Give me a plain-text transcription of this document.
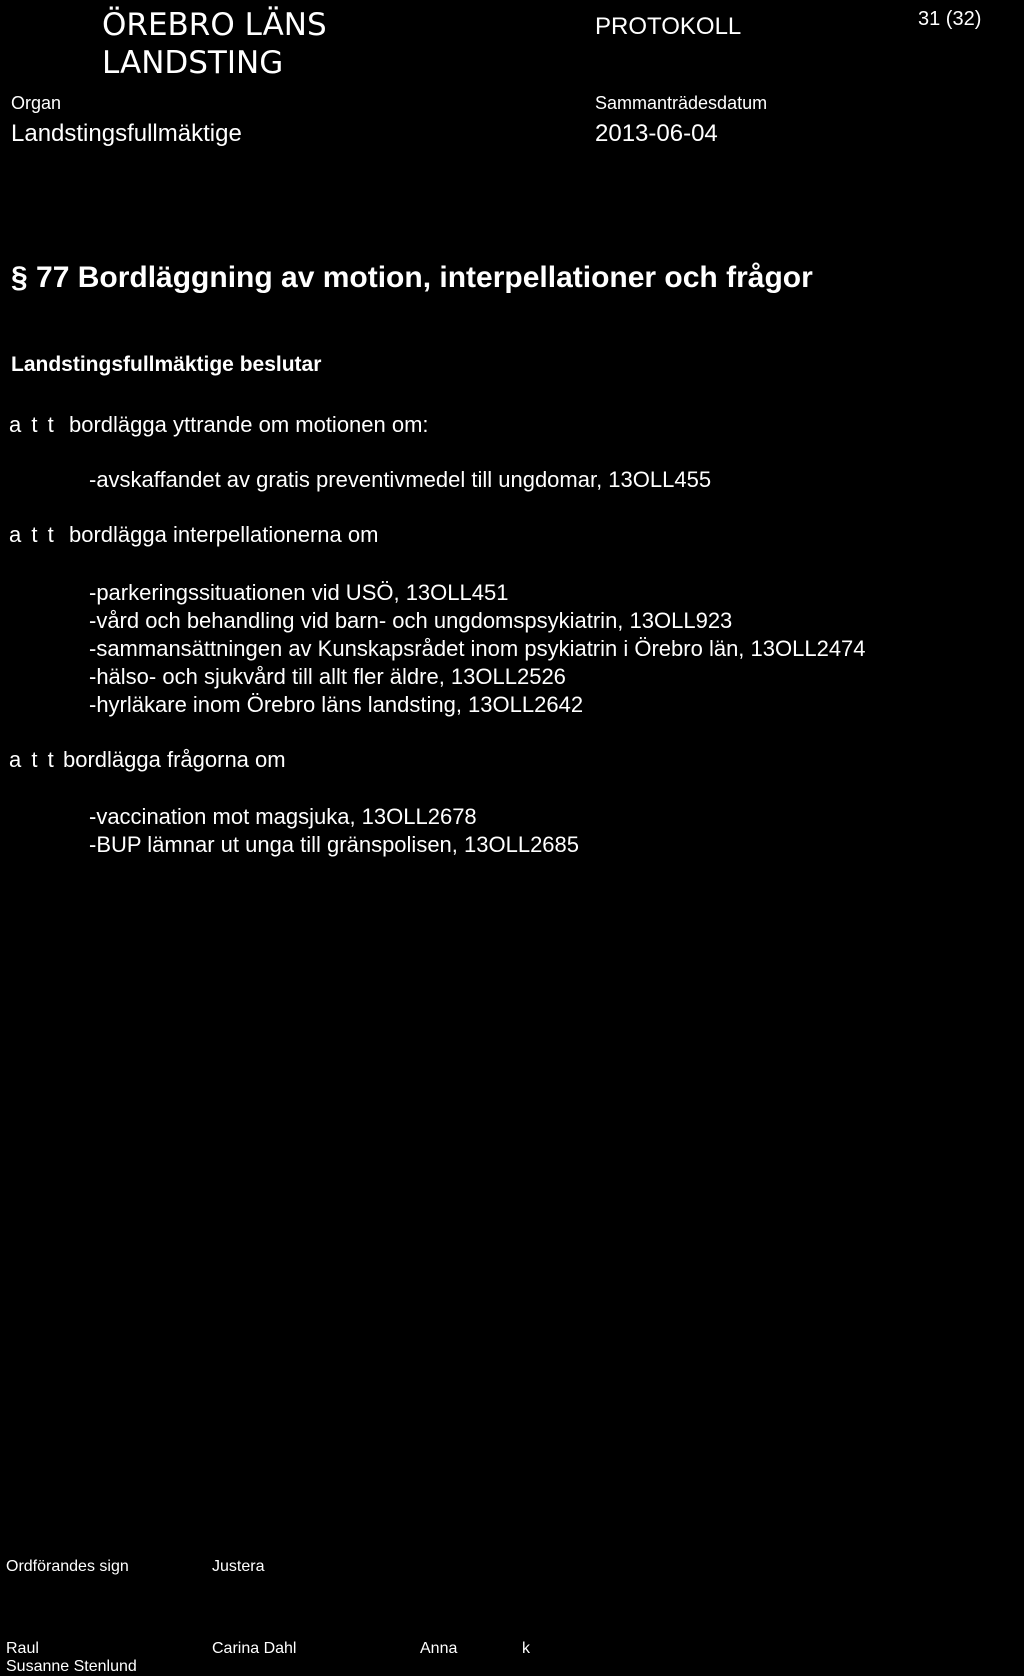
ÖREBRO LÄNS
LANDSTING
PROTOKOLL	31 (32)
Organ
Landstingsfullmäktige
Sammanträdesdatum
2013-06-04
§ 77 Bordläggning av motion, interpellationer och frågor
Landstingsfullmäktige beslutar
a t t bordlägga yttrande om motionen om:
-avskaffandet av gratis preventivmedel till ungdomar, 13OLL455
a t t bordlägga interpellationerna om
-parkeringssituationen vid USÖ, 13OLL451
-vård och behandling vid barn- och ungdomspsykiatrin, 13OLL923
-sammansättningen av Kunskapsrådet inom psykiatrin i Örebro län, 13OLL2474
-hälso- och sjukvård till allt fler äldre, 13OLL2526
-hyrläkare inom Örebro läns landsting, 13OLL2642
a t t bordlägga frågorna om
-vaccination mot magsjuka, 13OLL2678
-BUP lämnar ut unga till gränspolisen, 13OLL2685
Ordförandes sign	Justera
Raul	Carina Dahl	Anna	k
Susanne Stenlund
